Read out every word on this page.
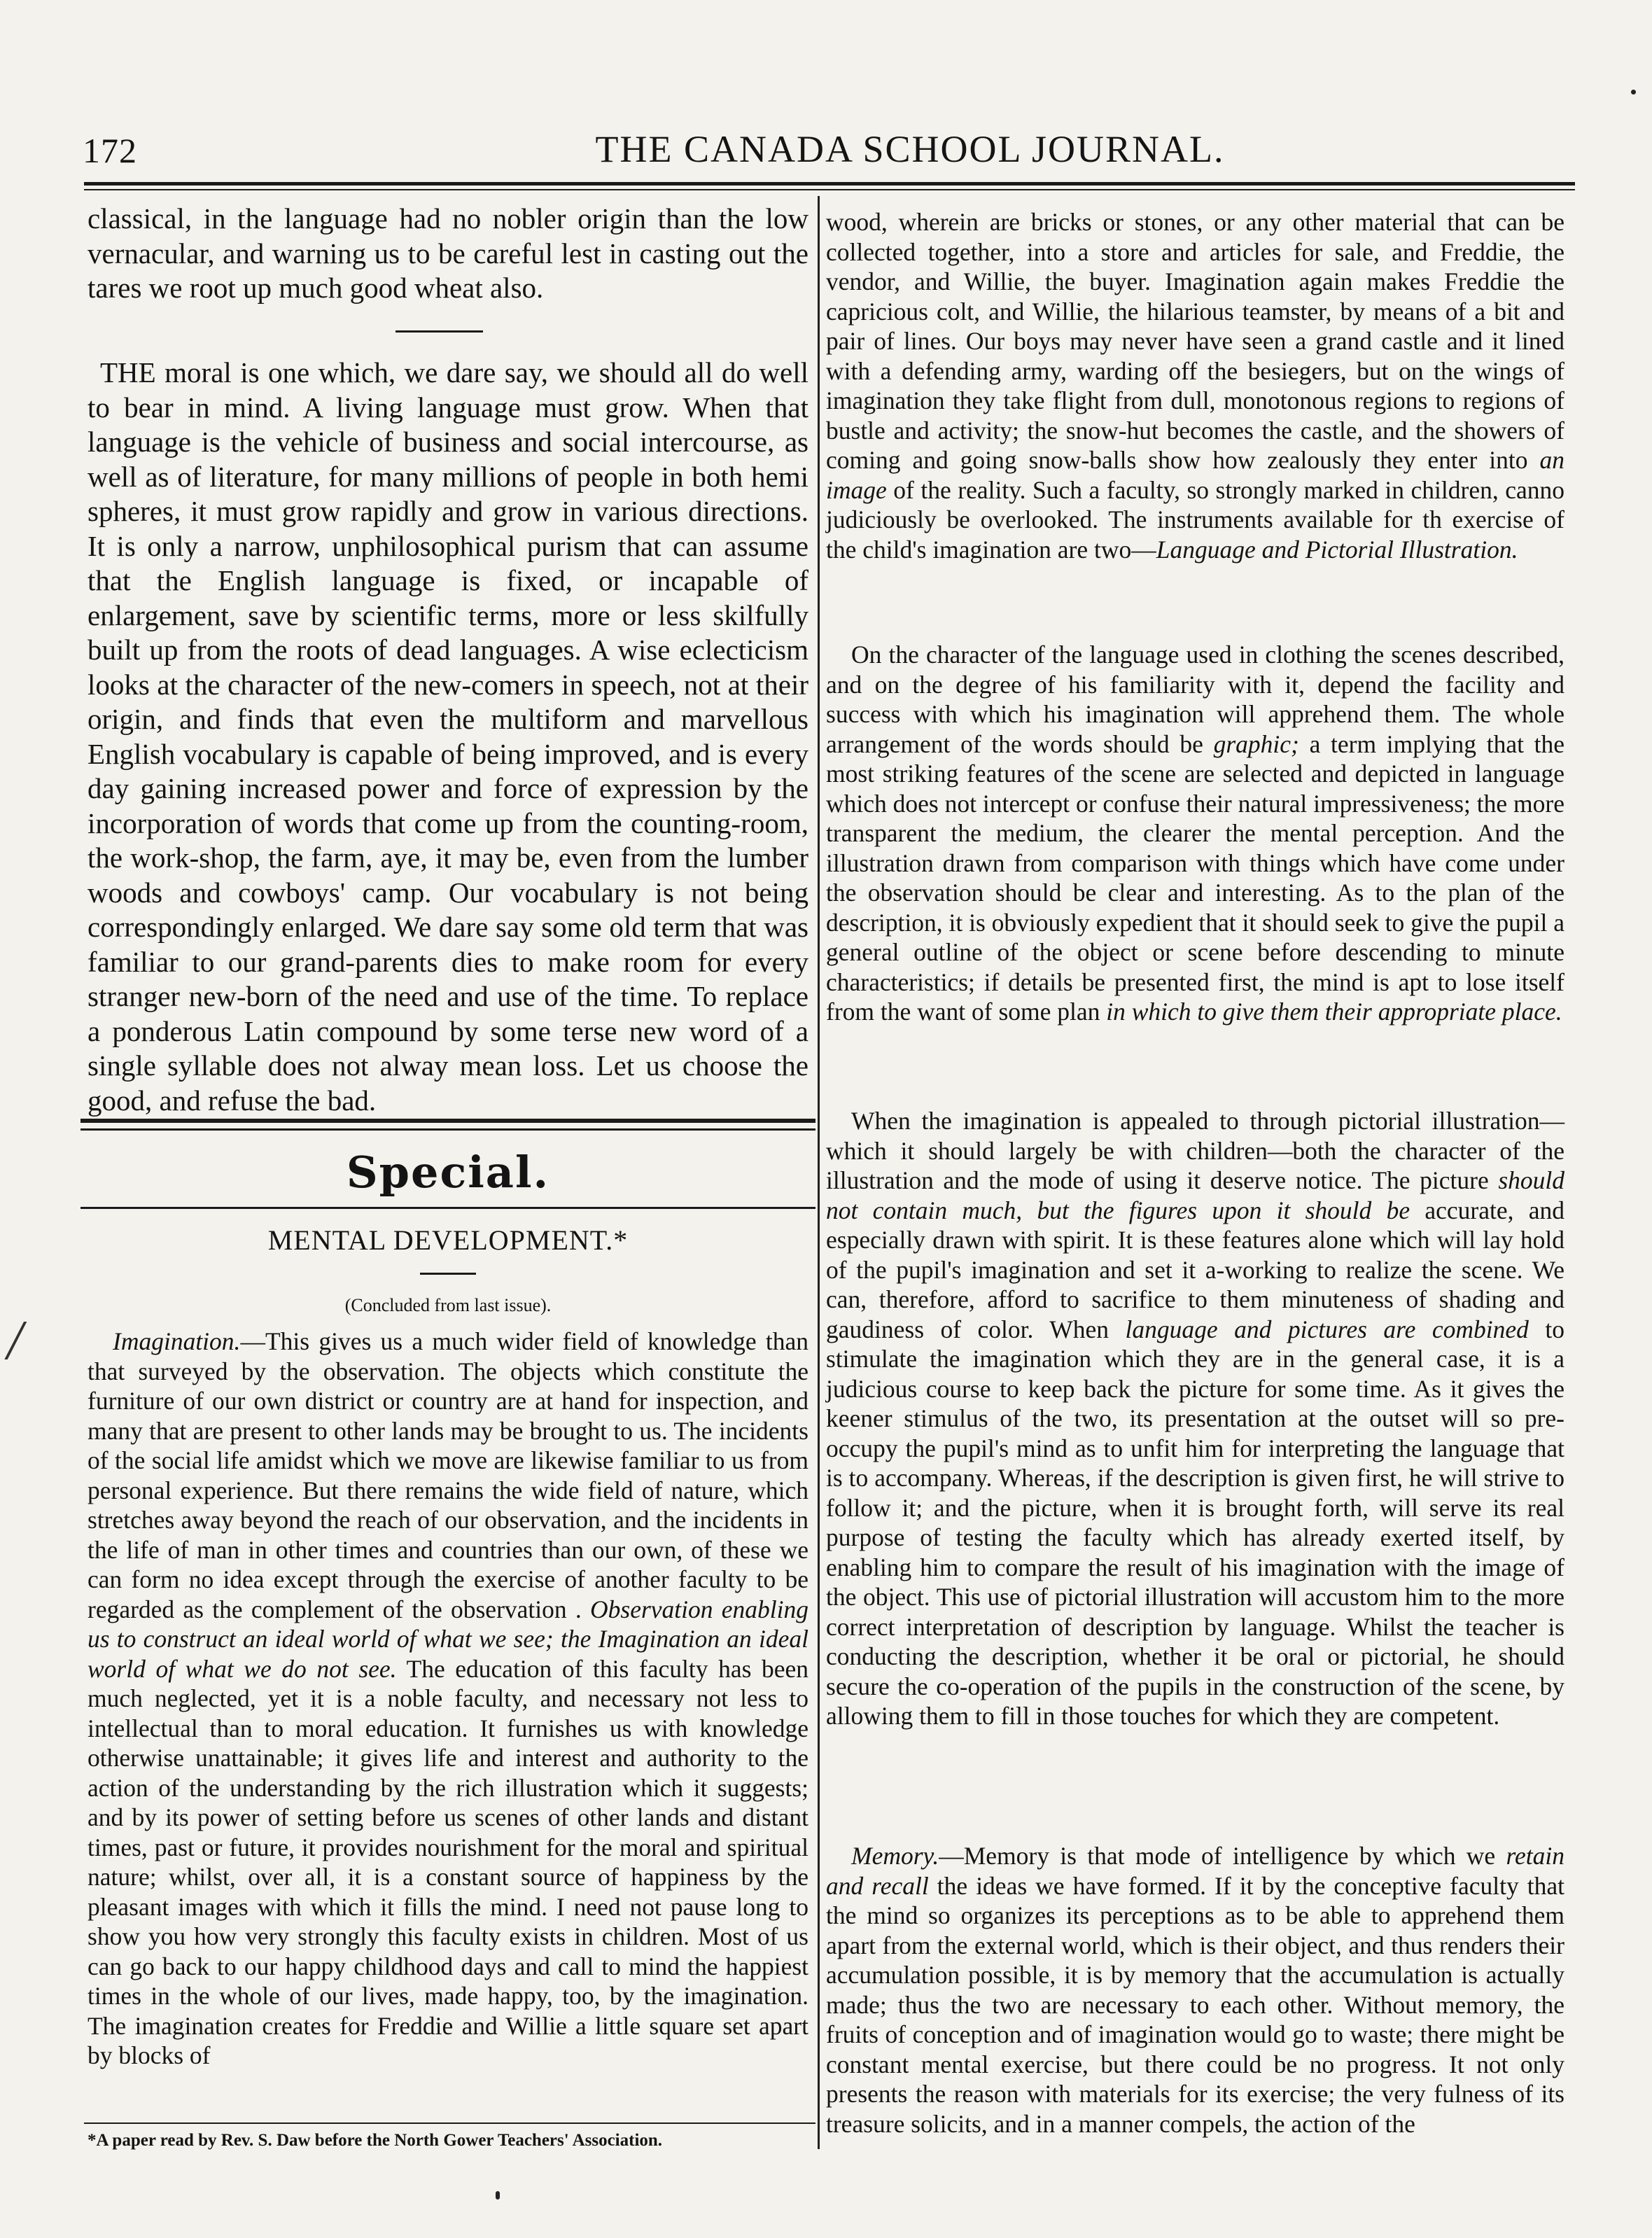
172	THE CANADA SCHOOL JOURNAL.

classical, in the language had no nobler origin than the low vernacular, and warning us to be careful lest in casting out the tares we root up much good wheat also.

THE moral is one which, we dare say, we should all do well to bear in mind. A living language must grow. When that language is the vehicle of business and social intercourse, as well as of literature, for many millions of people in both hemi spheres, it must grow rapidly and grow in various directions. It is only a narrow, unphilosophical purism that can assume that the English language is fixed, or incapable of enlargement, save by scientific terms, more or less skilfully built up from the roots of dead languages. A wise eclecticism looks at the character of the new-comers in speech, not at their origin, and finds that even the multiform and marvellous English vocabulary is capable of being improved, and is every day gaining increased power and force of expression by the incorporation of words that come up from the counting-room, the work-shop, the farm, aye, it may be, even from the lumber woods and cowboys' camp. Our vocabulary is not being correspondingly enlarged. We dare say some old term that was familiar to our grand-parents dies to make room for every stranger new-born of the need and use of the time. To replace a ponderous Latin compound by some terse new word of a single syllable does not alway mean loss. Let us choose the good, and refuse the bad.

Special.
MENTAL DEVELOPMENT.*
(Concluded from last issue).
/	Imagination.—This gives us a much wider field of knowledge than that surveyed by the observation. The objects which constitute the furniture of our own district or country are at hand for inspection, and many that are present to other lands may be brought to us. The incidents of the social life amidst which we move are likewise familiar to us from personal experience. But there remains the wide field of nature, which stretches away beyond the reach of our observation, and the incidents in the life of man in other times and countries than our own, of these we can form no idea except through the exercise of another faculty to be regarded as the complement of the observation . Observation enabling us to construct an ideal world of what we see; the Imagination an ideal world of what we do not see. The education of this faculty has been much neglected, yet it is a noble faculty, and necessary not less to intellectual than to moral education. It furnishes us with knowledge otherwise unattainable; it gives life and interest and authority to the action of the understanding by the rich illustration which it suggests; and by its power of setting before us scenes of other lands and distant times, past or future, it provides nourishment for the moral and spiritual nature; whilst, over all, it is a constant source of happiness by the pleasant images with which it fills the mind. I need not pause long to show you how very strongly this faculty exists in children. Most of us can go back to our happy childhood days and call to mind the happiest times in the whole of our lives, made happy, too, by the imagination. The imagination creates for Freddie and Willie a little square set apart by blocks of

*A paper read by Rev. S. Daw before the North Gower Teachers' Association.

wood, wherein are bricks or stones, or any other material that can be collected together, into a store and articles for sale, and Freddie, the vendor, and Willie, the buyer. Imagination again makes Freddie the capricious colt, and Willie, the hilarious teamster, by means of a bit and pair of lines. Our boys may never have seen a grand castle and it lined with a defending army, warding off the besiegers, but on the wings of imagination they take flight from dull, monotonous regions to regions of bustle and activity; the snow-hut becomes the castle, and the showers of coming and going snow-balls show how zealously they enter into an image of the reality. Such a faculty, so strongly marked in children, canno judiciously be overlooked. The instruments available for th exercise of the child's imagination are two—Language and Pictorial Illustration.

On the character of the language used in clothing the scenes described, and on the degree of his familiarity with it, depend the facility and success with which his imagination will apprehend them. The whole arrangement of the words should be graphic; a term implying that the most striking features of the scene are selected and depicted in language which does not intercept or confuse their natural impressiveness; the more transparent the medium, the clearer the mental perception. And the illustration drawn from comparison with things which have come under the observation should be clear and interesting. As to the plan of the description, it is obviously expedient that it should seek to give the pupil a general outline of the object or scene before descending to minute characteristics; if details be presented first, the mind is apt to lose itself from the want of some plan in which to give them their appropriate place.

When the imagination is appealed to through pictorial illustration—which it should largely be with children—both the character of the illustration and the mode of using it deserve notice. The picture should not contain much, but the figures upon it should be accurate, and especially drawn with spirit. It is these features alone which will lay hold of the pupil's imagination and set it a-working to realize the scene. We can, therefore, afford to sacrifice to them minuteness of shading and gaudiness of color. When language and pictures are combined to stimulate the imagination which they are in the general case, it is a judicious course to keep back the picture for some time. As it gives the keener stimulus of the two, its presentation at the outset will so pre-occupy the pupil's mind as to unfit him for interpreting the language that is to accompany. Whereas, if the description is given first, he will strive to follow it; and the picture, when it is brought forth, will serve its real purpose of testing the faculty which has already exerted itself, by enabling him to compare the result of his imagination with the image of the object. This use of pictorial illustration will accustom him to the more correct interpretation of description by language. Whilst the teacher is conducting the description, whether it be oral or pictorial, he should secure the co-operation of the pupils in the construction of the scene, by allowing them to fill in those touches for which they are competent.

Memory.—Memory is that mode of intelligence by which we retain and recall the ideas we have formed. If it by the conceptive faculty that the mind so organizes its perceptions as to be able to apprehend them apart from the external world, which is their object, and thus renders their accumulation possible, it is by memory that the accumulation is actually made; thus the two are necessary to each other. Without memory, the fruits of conception and of imagination would go to waste; there might be constant mental exercise, but there could be no progress. It not only presents the reason with materials for its exercise; the very fulness of its treasure solicits, and in a manner compels, the action of the
